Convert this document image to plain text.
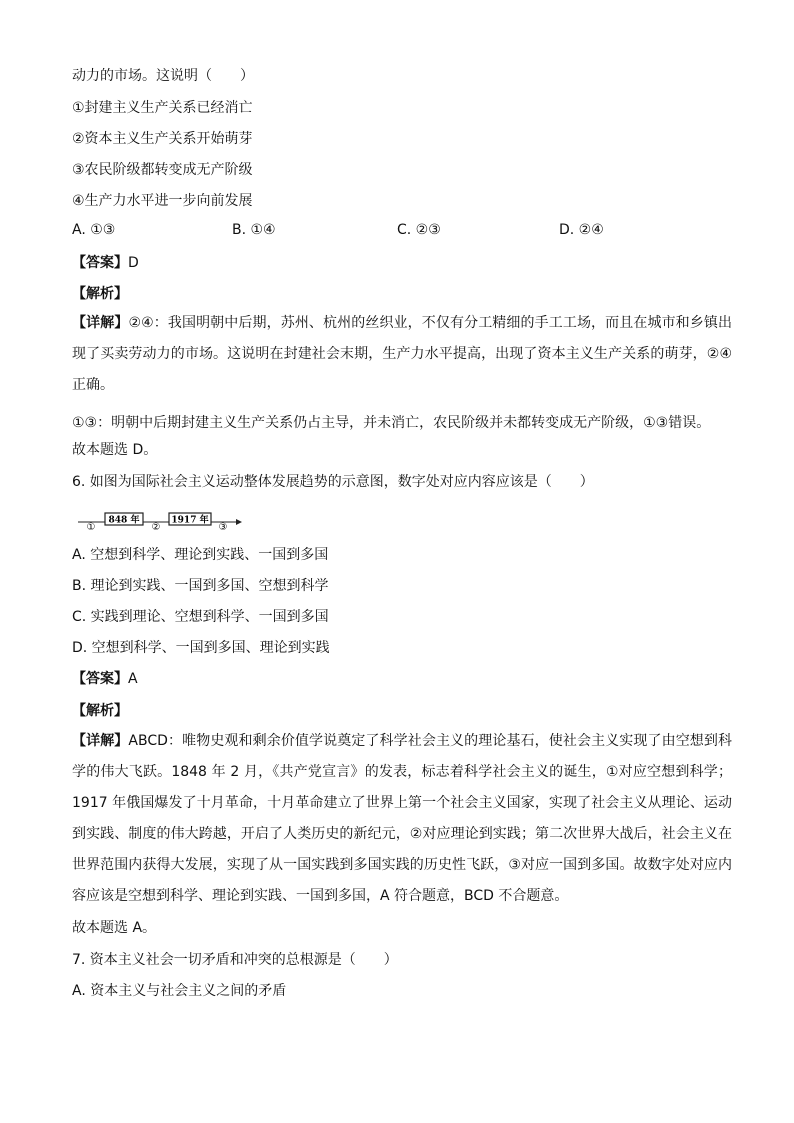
动力的市场。这说明（　　）
①封建主义生产关系已经消亡
②资本主义生产关系开始萌芽
③农民阶级都转变成无产阶级
④生产力水平进一步向前发展
A. ①③	B. ①④	C. ②③	D. ②④
【答案】D
【解析】
【详解】②④：我国明朝中后期，苏州、杭州的丝织业，不仅有分工精细的手工工场，而且在城市和乡镇出现了买卖劳动力的市场。这说明在封建社会末期，生产力水平提高，出现了资本主义生产关系的萌芽，②④正确。
①③：明朝中后期封建主义生产关系仍占主导，并未消亡，农民阶级并未都转变成无产阶级，①③错误。
故本题选 D。
6. 如图为国际社会主义运动整体发展趋势的示意图，数字处对应内容应该是（　　）
①
848 年
②
1917 年
③
A. 空想到科学、理论到实践、一国到多国
B. 理论到实践、一国到多国、空想到科学
C. 实践到理论、空想到科学、一国到多国
D. 空想到科学、一国到多国、理论到实践
【答案】A
【解析】
【详解】ABCD：唯物史观和剩余价值学说奠定了科学社会主义的理论基石，使社会主义实现了由空想到科学的伟大飞跃。1848 年 2 月，《共产党宣言》的发表，标志着科学社会主义的诞生，①对应空想到科学；1917 年俄国爆发了十月革命，十月革命建立了世界上第一个社会主义国家，实现了社会主义从理论、运动到实践、制度的伟大跨越，开启了人类历史的新纪元，②对应理论到实践；第二次世界大战后，社会主义在世界范围内获得大发展，实现了从一国实践到多国实践的历史性飞跃，③对应一国到多国。故数字处对应内容应该是空想到科学、理论到实践、一国到多国，A 符合题意，BCD 不合题意。
故本题选 A。
7. 资本主义社会一切矛盾和冲突的总根源是（　　）
A. 资本主义与社会主义之间的矛盾
